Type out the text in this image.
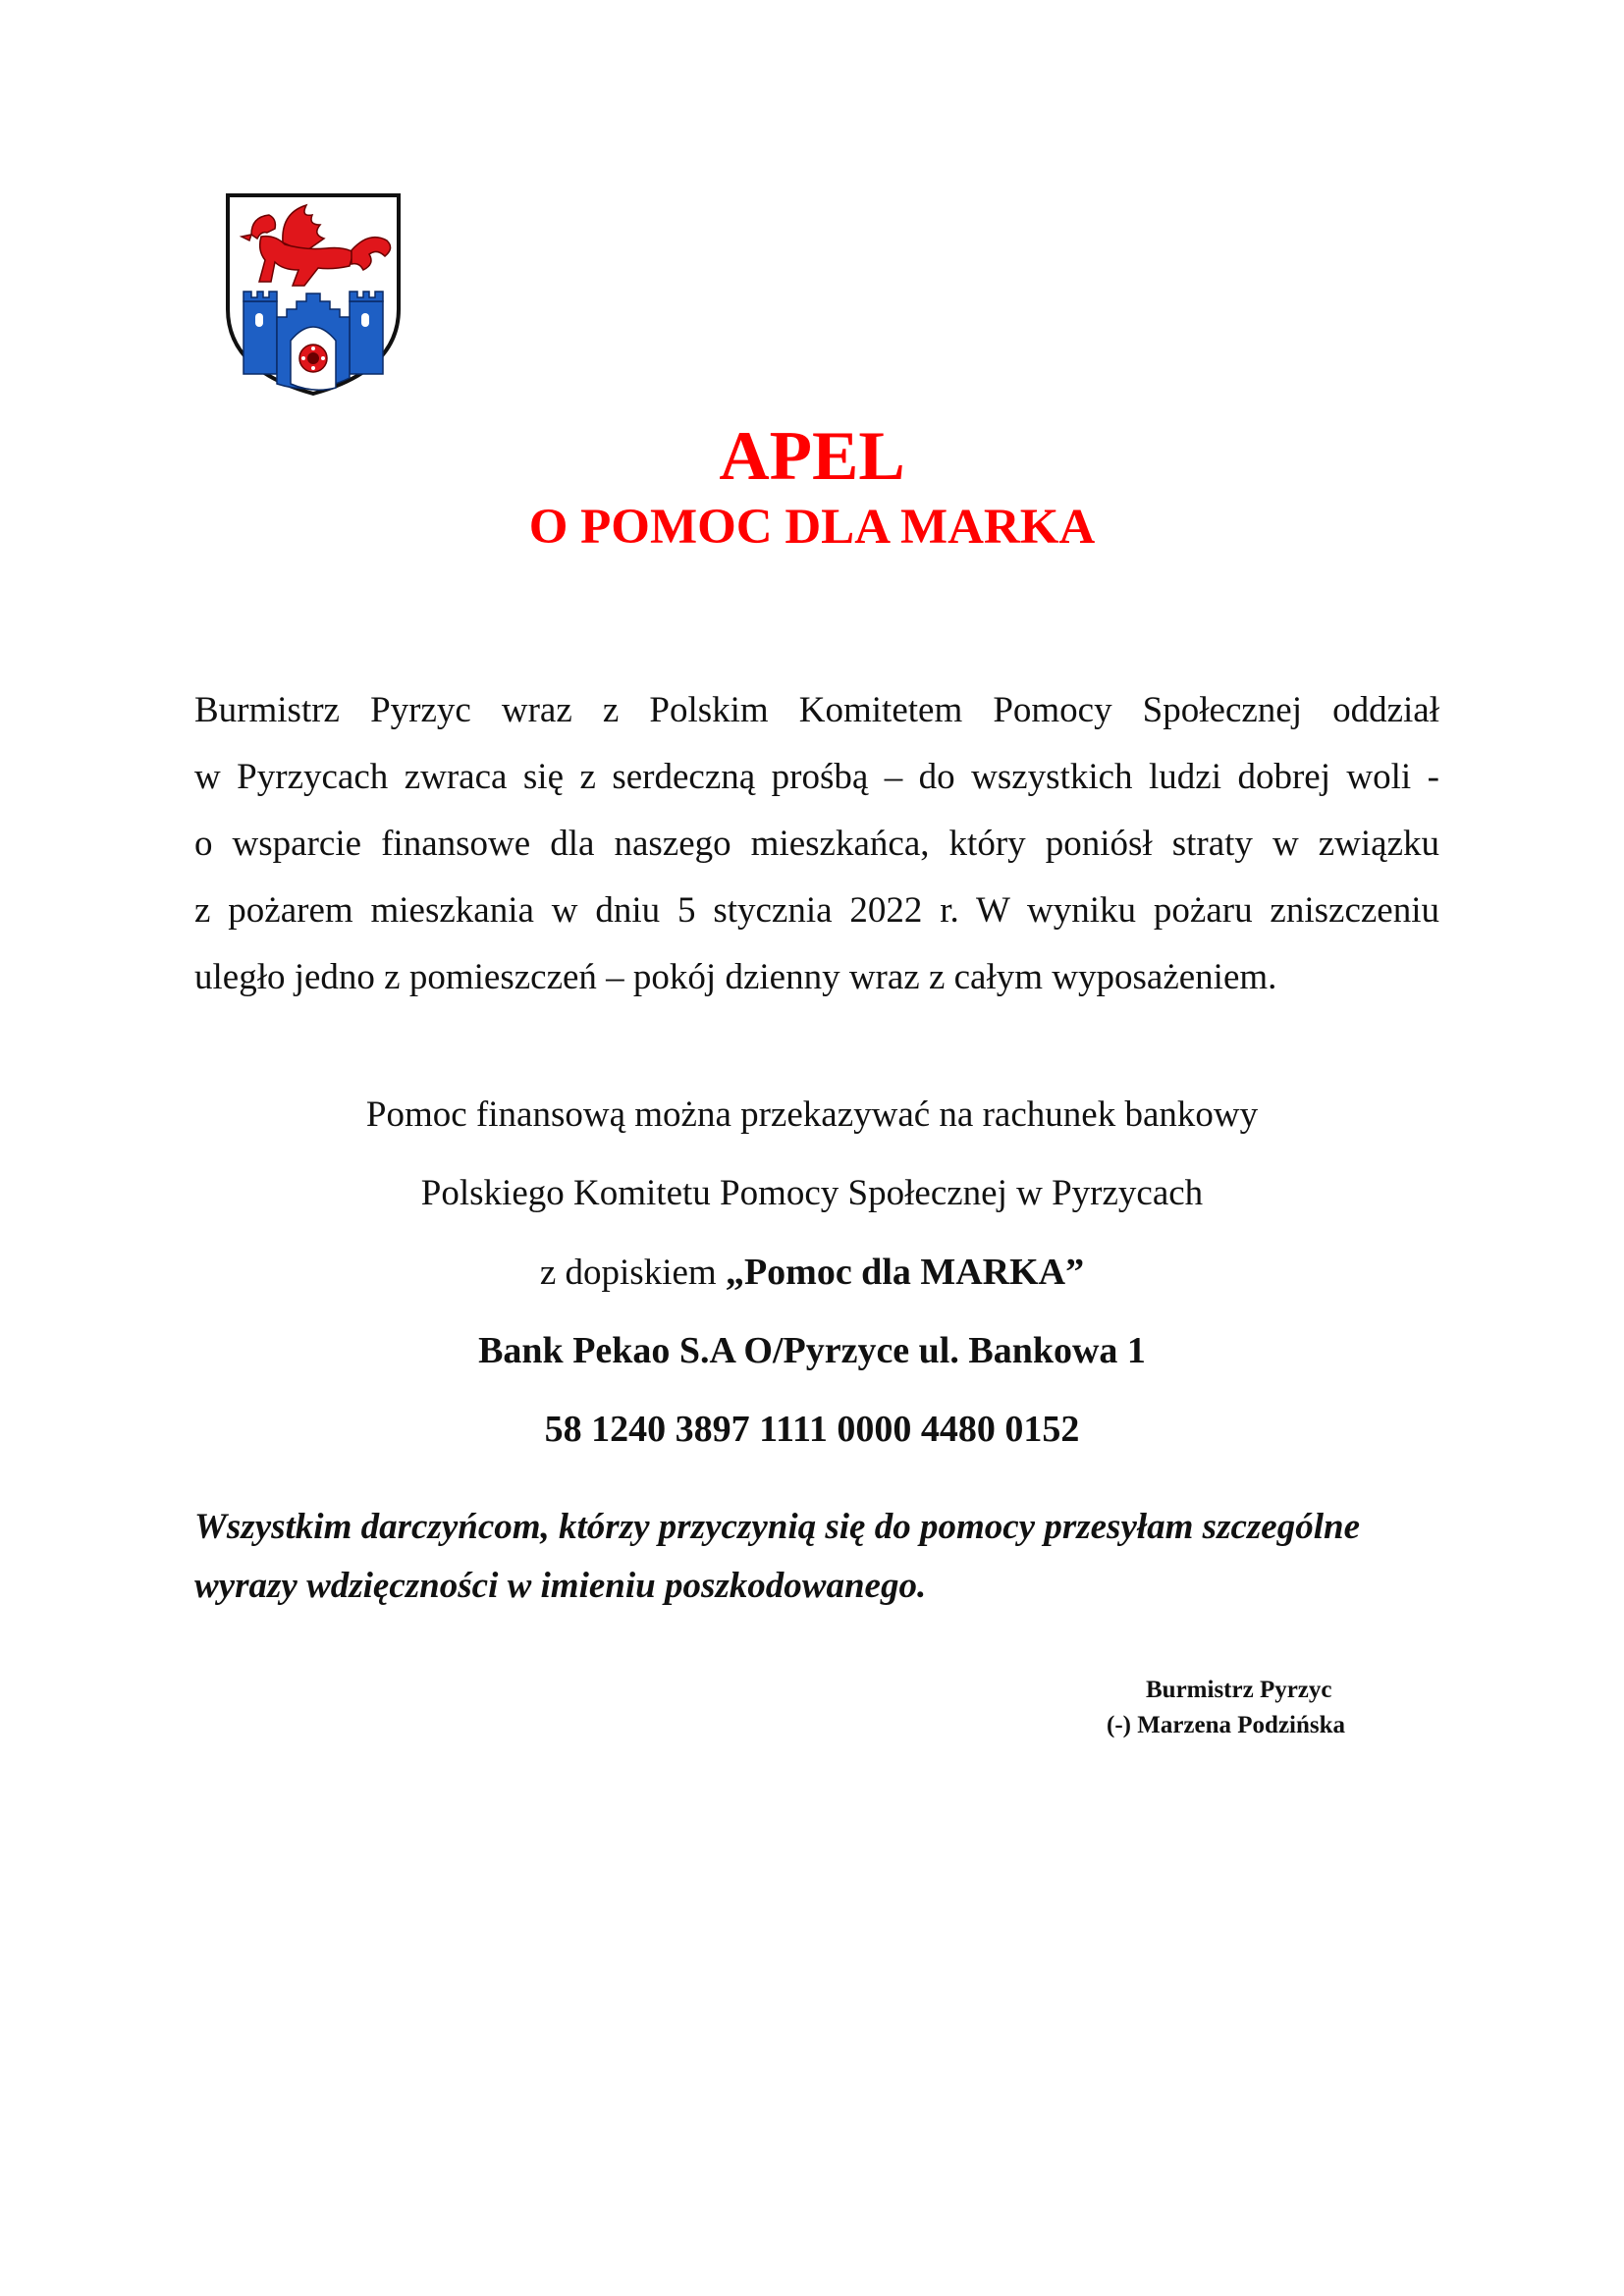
APEL
O POMOC DLA MARKA
Burmistrz Pyrzyc wraz z Polskim Komitetem Pomocy Społecznej oddział
w Pyrzycach zwraca się z serdeczną prośbą – do wszystkich ludzi dobrej woli -
o wsparcie finansowe dla naszego mieszkańca, który poniósł straty w związku
z pożarem mieszkania w dniu 5 stycznia 2022 r. W wyniku pożaru zniszczeniu
uległo jedno z pomieszczeń – pokój dzienny wraz z całym wyposażeniem.
Pomoc finansową można przekazywać na rachunek bankowy
Polskiego Komitetu Pomocy Społecznej w Pyrzycach
z dopiskiem „Pomoc dla MARKA”
Bank Pekao S.A O/Pyrzyce ul. Bankowa 1
58 1240 3897 1111 0000 4480 0152
Wszystkim darczyńcom, którzy przyczynią się do pomocy przesyłam szczególne
wyrazy wdzięczności w imieniu poszkodowanego.
Burmistrz Pyrzyc
(-) Marzena Podzińska
